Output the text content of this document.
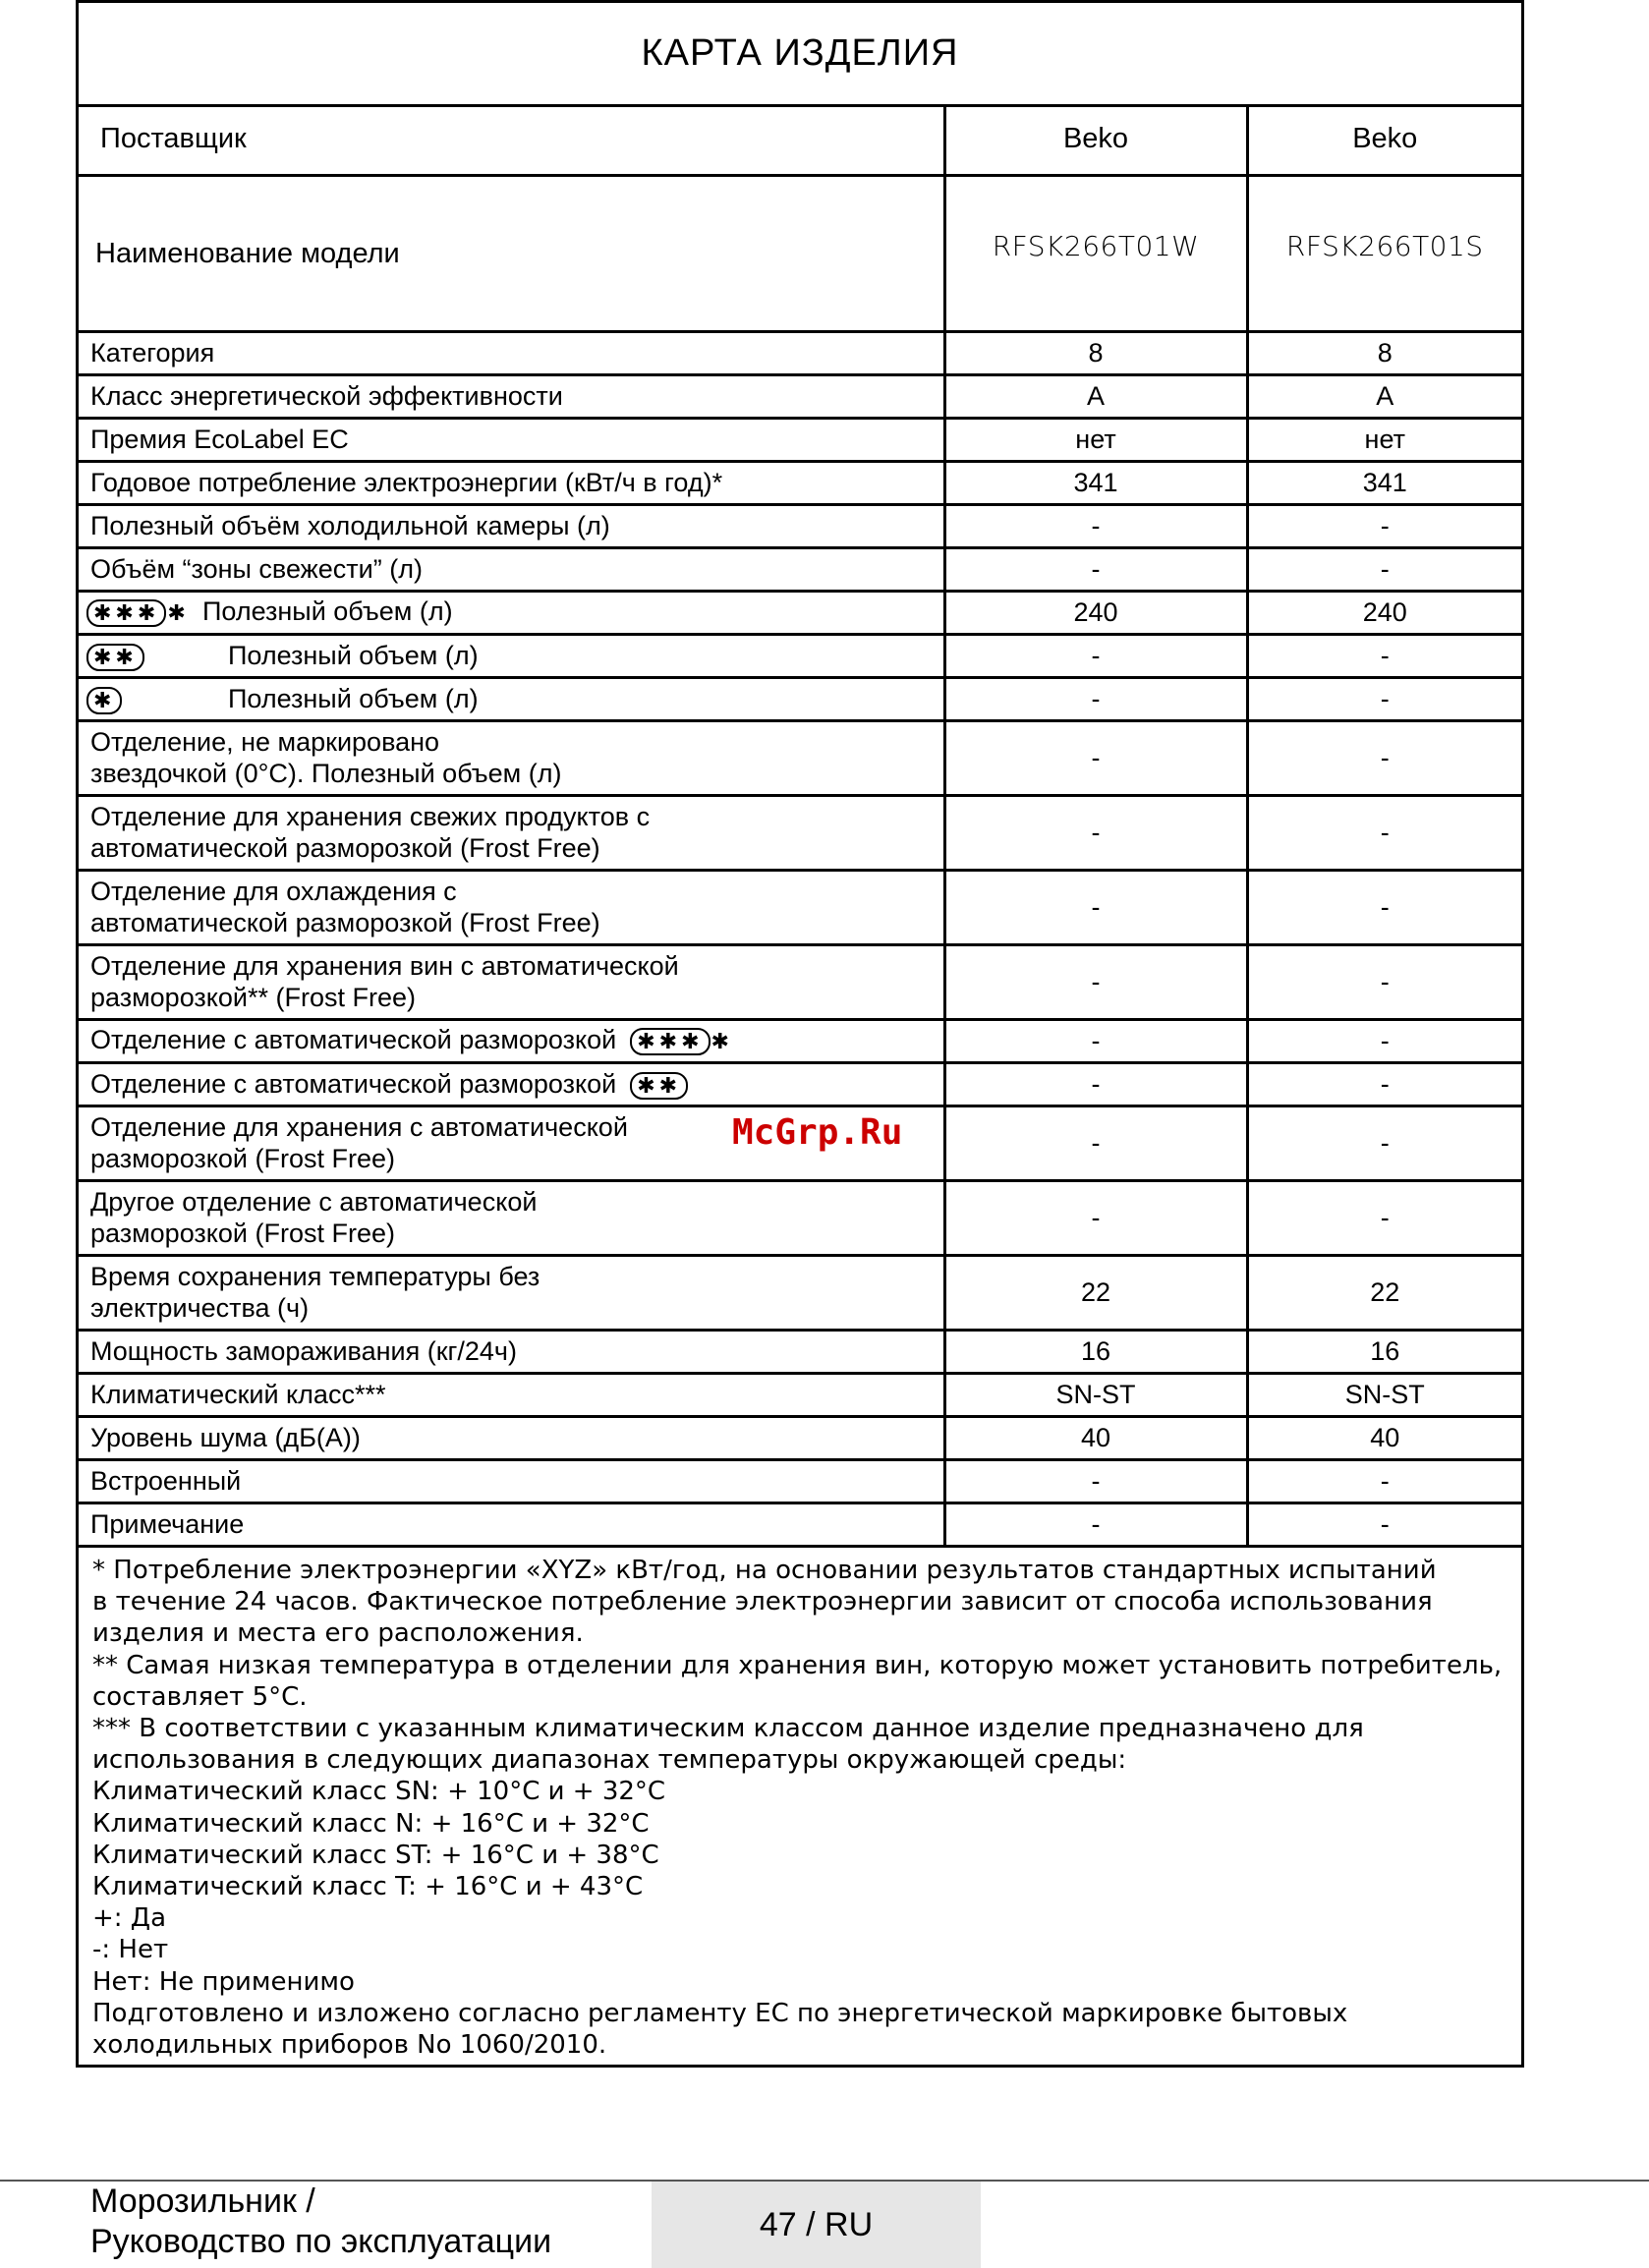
КАРТА ИЗДЕЛИЯ
Поставщик	Beko	Beko
Наименование модели	RFSK266T01W	RFSK266T01S
Категория	8	8
Класс энергетической эффективности	A	A
Премия EcoLabel EC	нет	нет
Годовое потребление электроэнергии (кВт/ч в год)*	341	341
Полезный объём холодильной камеры (л)	-	-
Объём “зоны свежести” (л)	-	-
✱✱✱ ✱ Полезный объем (л)	240	240
✱✱ Полезный объем (л)	-	-
✱ Полезный объем (л)	-	-
Отделение, не маркировано
звездочкой (0°C). Полезный объем (л)	-	-
Отделение для хранения свежих продуктов с
автоматической разморозкой (Frost Free)	-	-
Отделение для охлаждения с
автоматической разморозкой (Frost Free)	-	-
Отделение для хранения вин с автоматической
разморозкой** (Frost Free)	-	-
Отделение с автоматической разморозкой ✱✱✱ ✱	-	-
Отделение с автоматической разморозкой ✱✱	-	-
Отделение для хранения с автоматической
разморозкой (Frost Free)	-	-
Другое отделение с автоматической
разморозкой (Frost Free)	-	-
Время сохранения температуры без
электричества (ч)	22	22
Мощность замораживания (кг/24ч)	16	16
Климатический класс***	SN-ST	SN-ST
Уровень шума (дБ(A))	40	40
Встроенный	-	-
Примечание	-	-
* Потребление электроэнергии «XYZ» кВт/год, на основании результатов стандартных испытаний
в течение 24 часов. Фактическое потребление электроэнергии зависит от способа использования
изделия и места его расположения.
** Самая низкая температура в отделении для хранения вин, которую может установить потребитель,
составляет 5°C.
*** В соответствии с указанным климатическим классом данное изделие предназначено для
использования в следующих диапазонах температуры окружающей среды:
Климатический класс SN: + 10°C и + 32°C
Климатический класс N: + 16°C и + 32°C
Климатический класс ST: + 16°C и + 38°C
Климатический класс T: + 16°C и + 43°C
+: Да
-: Нет
Нет: Не применимо
Подготовлено и изложено согласно регламенту ЕС по энергетической маркировке бытовых
холодильных приборов No 1060/2010.
McGrp.Ru
Морозильник /
Руководство по эксплуатации	47 / RU
